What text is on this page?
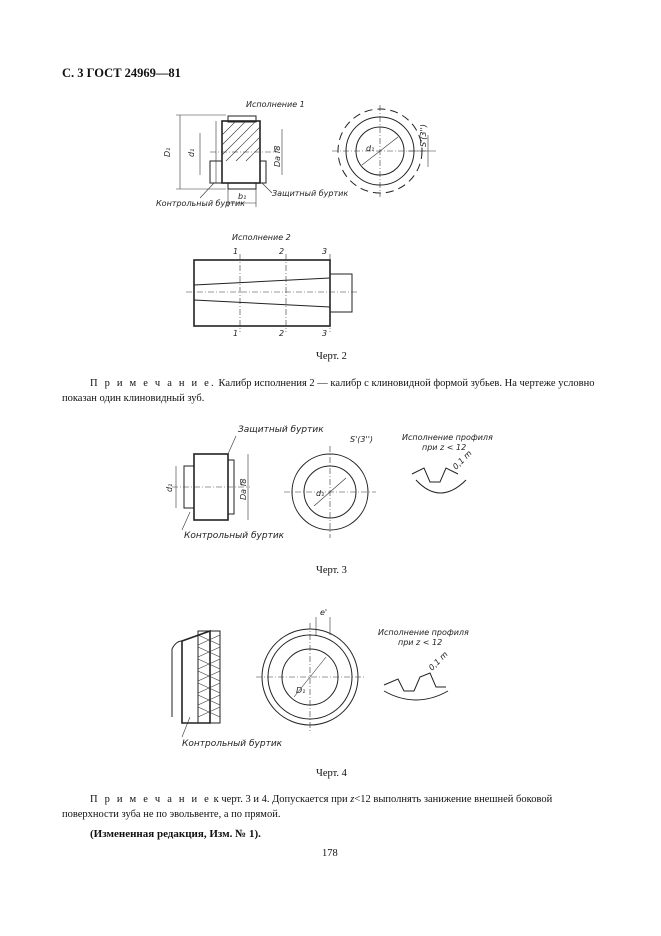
С. 3 ГОСТ 24969—81
Исполнение 1
D₁ d₁	Da f8
b₁
Контрольный буртик
Защитный буртик
d₁
S'(3'')
Исполнение 2
1	2	3
1	2	3
Черт. 2
П р и м е ч а н и е. Калибр исполнения 2 — калибр с клиновидной формой зубьев. На чертеже условно показан один клиновидный зуб.
Защитный буртик
d₁	Da f8
Контрольный буртик
d₁
S'(3'')	Исполнение профиля
при z < 12
0,1 m
Черт. 3
Контрольный буртик
D₁
e'
Исполнение профиля
при z < 12
0,1 m
Черт. 4
П р и м е ч а н и е к черт. 3 и 4. Допускается при z<12 выполнять занижение внешней боковой поверхности зуба не по эвольвенте, а по прямой.
(Измененная редакция, Изм. № 1).
178
